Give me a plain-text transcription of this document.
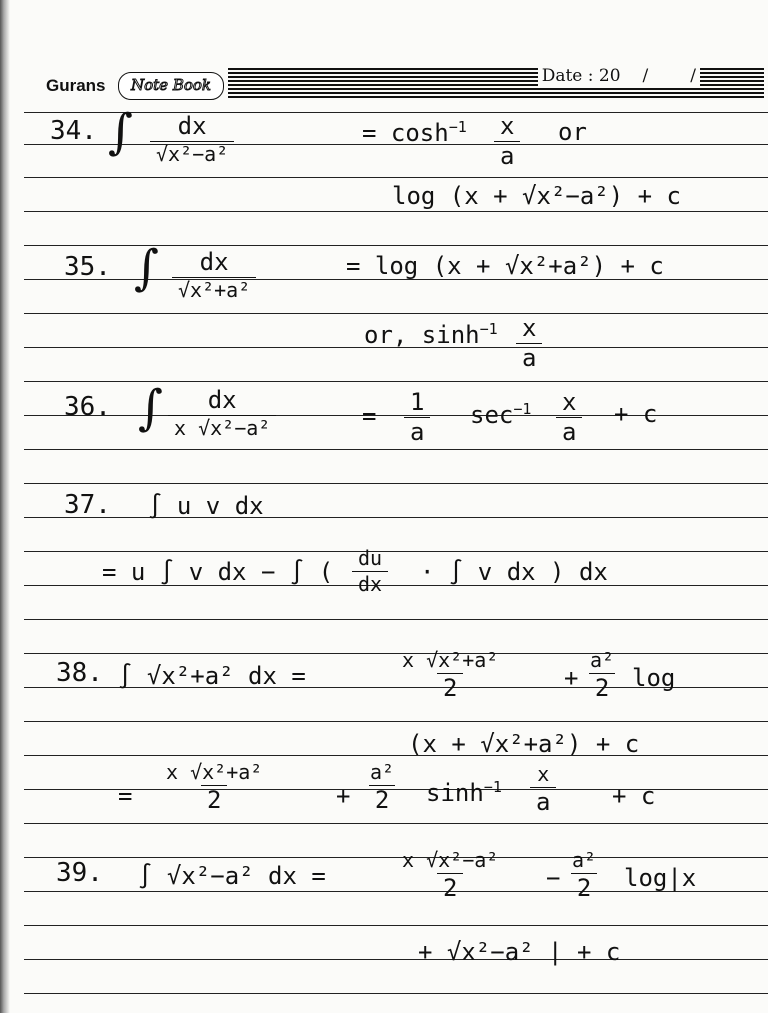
Gurans	Note Book	Date : 20 / /
34. ∫ dx
√x²−a²
= $\cosh^{-1} \frac{x}{a}$ or
log (x + √x²−a²) + c
35. ∫ dx
√x²+a²
= log (x + √x²+a²) + c
or, $\sinh^{-1} \frac{x}{a}$
36. ∫ dx
x √x²−a²	= $\frac{1}{a} \sec^{-1} \frac{x}{a} + c$
37. ∫ u v dx
= u ∫ v dx − ∫ ( $\frac{du}{dx}$ · ∫ v dx ) dx
38. ∫ √x²+a² dx =
x √x²+a²
2	+
a²
2 log
(x + √x²+a²) + c
=
x √x²+a²
2	+
a²
2 $\sinh^{-1}$
x
a	+ c
39. ∫ √x²−a² dx =
x √x²−a²
2	−
a²
2 log|x
+ √x²−a² | + c
